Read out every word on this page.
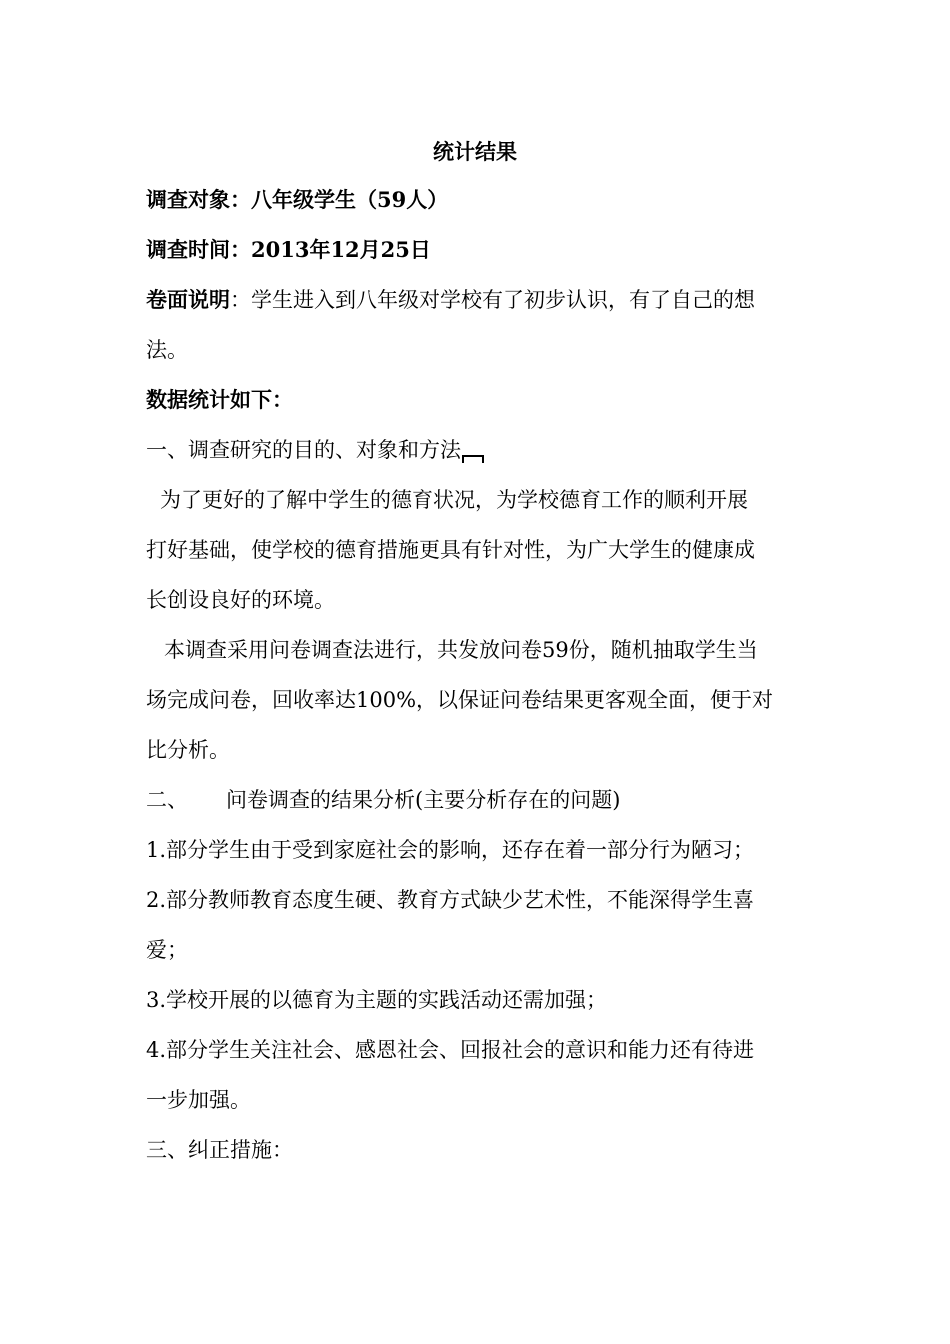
统计结果
调查对象：八年级学生（59人）
调查时间：2013年12月25日
卷面说明：学生进入到八年级对学校有了初步认识，有了自己的想
法。
数据统计如下：
一、调查研究的目的、对象和方法
为了更好的了解中学生的德育状况，为学校德育工作的顺利开展
打好基础，使学校的德育措施更具有针对性，为广大学生的健康成
长创设良好的环境。
本调查采用问卷调查法进行，共发放问卷59份，随机抽取学生当
场完成问卷，回收率达100%，以保证问卷结果更客观全面，便于对
比分析。
二、 问卷调查的结果分析(主要分析存在的问题)
1.部分学生由于受到家庭社会的影响，还存在着一部分行为陋习；
2.部分教师教育态度生硬、教育方式缺少艺术性，不能深得学生喜
爱；
3.学校开展的以德育为主题的实践活动还需加强；
4.部分学生关注社会、感恩社会、回报社会的意识和能力还有待进
一步加强。
三、纠正措施：
